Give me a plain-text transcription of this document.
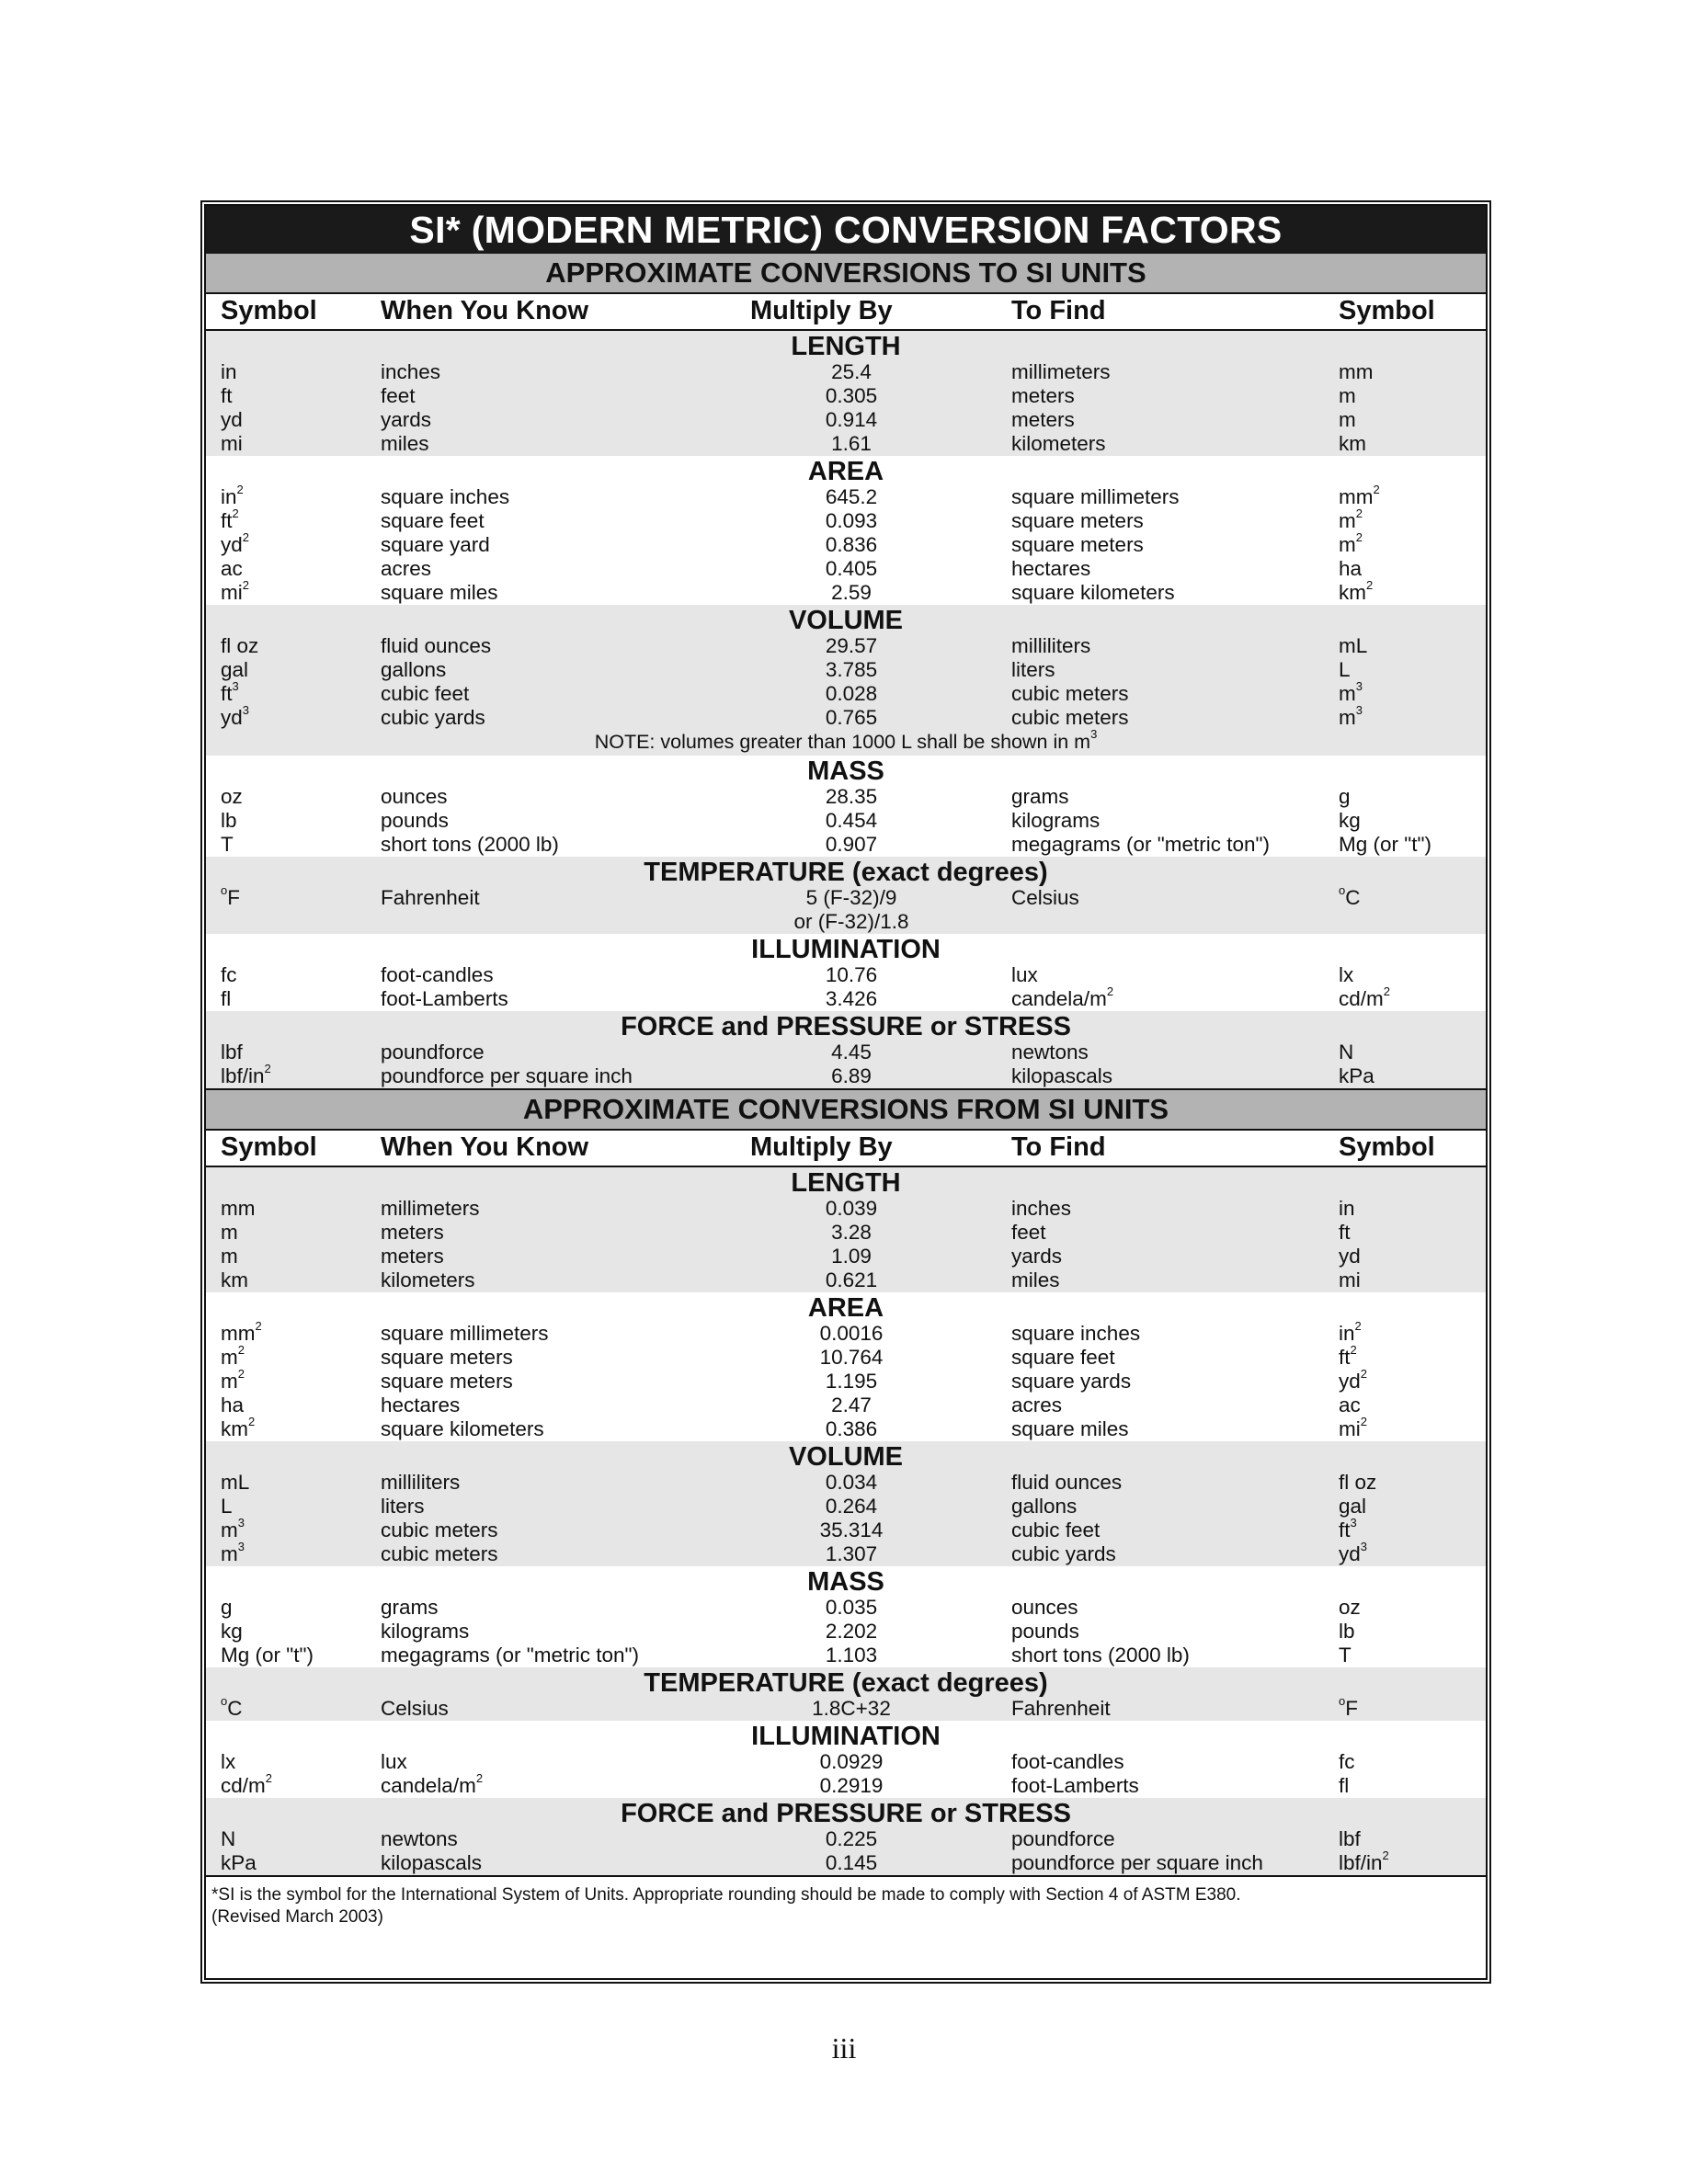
SI* (MODERN METRIC) CONVERSION FACTORS
APPROXIMATE CONVERSIONS TO SI UNITS
Symbol When You Know	Multiply By	To Find	Symbol
LENGTH
in	inches	25.4	millimeters	mm
ft	feet	0.305	meters	m
yd	yards	0.914	meters	m
mi	miles	1.61	kilometers	km
AREA
$in^2$	square inches	645.2	square millimeters	$mm^2$
$ft^2$	square feet	0.093	square meters	$m^2$
$yd^2$	square yard	0.836	square meters	$m^2$
ac	acres	0.405	hectares	ha
$mi^2$	square miles	2.59	square kilometers	$km^2$
VOLUME
fl oz	fluid ounces	29.57	milliliters	mL
gal	gallons	3.785	liters	L
$ft^3$	cubic feet	0.028	cubic meters	$m^3$
$yd^3$	cubic yards	0.765	cubic meters	$m^3$
NOTE: volumes greater than 1000 L shall be shown in $m^3$
MASS
oz	ounces	28.35	grams	g
lb	pounds	0.454	kilograms	kg
T	short tons (2000 lb)	0.907	megagrams (or "metric ton")	Mg (or "t")
TEMPERATURE (exact degrees)
$^o$F	Fahrenheit	5 (F-32)/9	Celsius	$^o$C
or (F-32)/1.8
ILLUMINATION
fc	foot-candles	10.76	lux	lx
fl	foot-Lamberts	3.426	candela/$m^2$	$cd/m^2$
FORCE and PRESSURE or STRESS
lbf	poundforce	4.45	newtons	N
lbf/$in^2$	poundforce per square inch	6.89	kilopascals	kPa
APPROXIMATE CONVERSIONS FROM SI UNITS
Symbol When You Know	Multiply By	To Find	Symbol
LENGTH
mm	millimeters	0.039	inches	in
m	meters	3.28	feet	ft
m	meters	1.09	yards	yd
km	kilometers	0.621	miles	mi
AREA
$mm^2$	square millimeters	0.0016	square inches	$in^2$
$m^2$	square meters	10.764	square feet	$ft^2$
$m^2$	square meters	1.195	square yards	$yd^2$
ha	hectares	2.47	acres	ac
$km^2$	square kilometers	0.386	square miles	$mi^2$
VOLUME
mL	milliliters	0.034	fluid ounces	fl oz
L	liters	0.264	gallons	gal
$m^3$	cubic meters	35.314	cubic feet	$ft^3$
$m^3$	cubic meters	1.307	cubic yards	$yd^3$
MASS
g	grams	0.035	ounces	oz
kg	kilograms	2.202	pounds	lb
Mg (or "t")	megagrams (or "metric ton")	1.103	short tons (2000 lb)	T
TEMPERATURE (exact degrees)
$^o$C	Celsius	1.8C+32	Fahrenheit	$^o$F
ILLUMINATION
lx	lux	0.0929	foot-candles	fc
$cd/m^2$	candela/$m^2$	0.2919	foot-Lamberts	fl
FORCE and PRESSURE or STRESS
N	newtons	0.225	poundforce	lbf
kPa	kilopascals	0.145	poundforce per square inch	lbf/$in^2$
*SI is the symbol for the International System of Units. Appropriate rounding should be made to comply with Section 4 of ASTM E380.
(Revised March 2003)
iii
